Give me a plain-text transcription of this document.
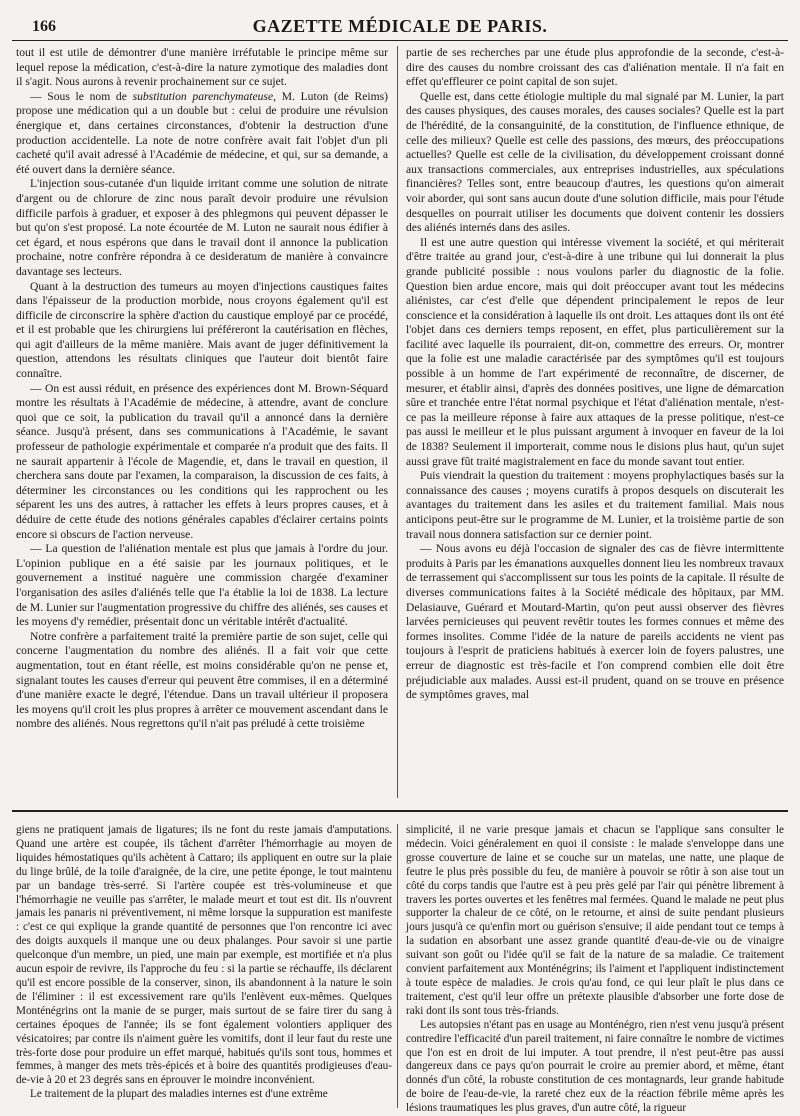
166	GAZETTE MÉDICALE DE PARIS.

tout il est utile de démontrer d'une manière irréfutable le principe même sur lequel repose la médication, c'est-à-dire la nature zymotique des maladies dont il s'agit. Nous aurons à revenir prochainement sur ce sujet.

— Sous le nom de substitution parenchymateuse, M. Luton (de Reims) propose une médication qui a un double but : celui de produire une révulsion énergique et, dans certaines circonstances, d'obtenir la destruction d'une production accidentelle. La note de notre confrère avait fait l'objet d'un pli cacheté qu'il avait adressé à l'Académie de médecine, et qui, sur sa demande, a été ouvert dans la dernière séance.

L'injection sous-cutanée d'un liquide irritant comme une solution de nitrate d'argent ou de chlorure de zinc nous paraît devoir produire une révulsion difficile parfois à graduer, et exposer à des phlegmons qui peuvent dépasser le but qu'on s'est proposé. La note écourtée de M. Luton ne saurait nous édifier à cet égard, et nous espérons que dans le travail dont il annonce la publication prochaine, notre confrère répondra à ce desideratum de manière à convaincre davantage ses lecteurs.

Quant à la destruction des tumeurs au moyen d'injections caustiques faites dans l'épaisseur de la production morbide, nous croyons également qu'il est difficile de circonscrire la sphère d'action du caustique employé par ce procédé, et il est probable que les chirurgiens lui préféreront la cautérisation en flèches, qui agit d'ailleurs de la même manière. Mais avant de juger définitivement la question, attendons les résultats cliniques que l'auteur doit bientôt faire connaître.

— On est aussi réduit, en présence des expériences dont M. Brown-Séquard montre les résultats à l'Académie de médecine, à attendre, avant de conclure quoi que ce soit, la publication du travail qu'il a annoncé dans la dernière séance. Jusqu'à présent, dans ses communications à l'Académie, le savant professeur de pathologie expérimentale et comparée n'a produit que des faits. Il ne saurait appartenir à l'école de Magendie, et, dans le travail en question, il cherchera sans doute par l'examen, la comparaison, la discussion de ces faits, à déterminer les circonstances ou les conditions qui les rapprochent ou les séparent les uns des autres, à rattacher les effets à leurs propres causes, et à déduire de cette étude des notions générales capables d'éclairer certains points encore si obscurs de l'action nerveuse.

— La question de l'aliénation mentale est plus que jamais à l'ordre du jour. L'opinion publique en a été saisie par les journaux politiques, et le gouvernement a institué naguère une commission chargée d'examiner l'organisation des asiles d'aliénés telle que l'a établie la loi de 1838. La lecture de M. Lunier sur l'augmentation progressive du chiffre des aliénés, ses causes et les moyens d'y remédier, présentait donc un véritable intérêt d'actualité.

Notre confrère a parfaitement traité la première partie de son sujet, celle qui concerne l'augmentation du nombre des aliénés. Il a fait voir que cette augmentation, tout en étant réelle, est moins considérable qu'on ne pense et, signalant toutes les causes d'erreur qui peuvent être commises, il en a déterminé d'une manière exacte le degré, l'étendue. Dans un travail ultérieur il proposera les moyens qu'il croit les plus propres à arrêter ce mouvement ascendant dans le nombre des aliénés. Nous regrettons qu'il n'ait pas préludé à cette troisième

partie de ses recherches par une étude plus approfondie de la seconde, c'est-à-dire des causes du nombre croissant des cas d'aliénation mentale. Il n'a fait en effet qu'effleurer ce point capital de son sujet.

Quelle est, dans cette étiologie multiple du mal signalé par M. Lunier, la part des causes physiques, des causes morales, des causes sociales? Quelle est la part de l'hérédité, de la consanguinité, de la constitution, de l'influence ethnique, de celle des milieux? Quelle est celle des passions, des mœurs, des préoccupations actuelles? Quelle est celle de la civilisation, du développement croissant donné aux transactions commerciales, aux entreprises industrielles, aux spéculations financières? Telles sont, entre beaucoup d'autres, les questions qu'on aimerait voir aborder, qui sont sans aucun doute d'une solution difficile, mais pour l'étude desquelles on pourrait utiliser les documents que doivent contenir les dossiers des aliénés internés dans des asiles.

Il est une autre question qui intéresse vivement la société, et qui mériterait d'être traitée au grand jour, c'est-à-dire à une tribune qui lui donnerait la plus grande publicité possible : nous voulons parler du diagnostic de la folie. Question bien ardue encore, mais qui doit préoccuper avant tout les médecins aliénistes, car c'est d'elle que dépendent principalement le repos de leur conscience et la considération à laquelle ils ont droit. Les attaques dont ils ont été l'objet dans ces derniers temps reposent, en effet, plus particulièrement sur la facilité avec laquelle ils pourraient, dit-on, commettre des erreurs. Or, montrer que la folie est une maladie caractérisée par des symptômes qu'il est toujours possible à un homme de l'art expérimenté de reconnaître, de discerner, de mesurer, et établir ainsi, d'après des données positives, une ligne de démarcation sûre et tranchée entre l'état normal psychique et l'état d'aliénation mentale, n'est-ce pas la meilleure réponse à faire aux attaques de la presse politique, n'est-ce pas aussi le meilleur et le plus puissant argument à invoquer en faveur de la loi de 1838? Seulement il importerait, comme nous le disions plus haut, qu'un sujet aussi grave fût traité magistralement en face du monde savant tout entier.

Puis viendrait la question du traitement : moyens prophylactiques basés sur la connaissance des causes ; moyens curatifs à propos desquels on discuterait les avantages du traitement dans les asiles et du traitement familial. Mais nous anticipons peut-être sur le programme de M. Lunier, et la troisième partie de son travail nous donnera satisfaction sur ce dernier point.

— Nous avons eu déjà l'occasion de signaler des cas de fièvre intermittente produits à Paris par les émanations auxquelles donnent lieu les nombreux travaux de terrassement qui s'accomplissent sur tous les points de la capitale. Il résulte de diverses communications faites à la Société médicale des hôpitaux, par MM. Delasiauve, Guérard et Moutard-Martin, qu'on peut aussi observer des fièvres larvées pernicieuses qui peuvent revêtir toutes les formes connues et même des formes insolites. Comme l'idée de la nature de pareils accidents ne vient pas toujours à l'esprit de praticiens habitués à exercer loin de foyers palustres, une erreur de diagnostic est très-facile et l'on comprend combien elle doit être préjudiciable aux malades. Aussi est-il prudent, quand on se trouve en présence de symptômes graves, mal

giens ne pratiquent jamais de ligatures; ils ne font du reste jamais d'amputations. Quand une artère est coupée, ils tâchent d'arrêter l'hémorrhagie au moyen de liquides hémostatiques qu'ils achètent à Cattaro; ils appliquent en outre sur la plaie du linge brûlé, de la toile d'araignée, de la cire, une petite éponge, le tout maintenu par un bandage très-serré. Si l'artère coupée est très-volumineuse et que l'hémorrhagie ne veuille pas s'arrêter, le malade meurt et tout est dit. Ils n'ouvrent jamais les panaris ni préventivement, ni même lorsque la suppuration est manifeste : c'est ce qui explique la grande quantité de personnes que l'on rencontre ici avec des doigts auxquels il manque une ou deux phalanges. Pour savoir si une partie quelconque d'un membre, un pied, une main par exemple, est mortifiée et n'a plus aucun espoir de revivre, ils l'approche du feu : si la partie se réchauffe, ils déclarent qu'il est encore possible de la conserver, sinon, ils abandonnent à la nature le soin de l'éliminer : il est excessivement rare qu'ils l'enlèvent eux-mêmes. Quelques Monténégrins ont la manie de se purger, mais surtout de se faire tirer du sang à certaines époques de l'année; ils se font également volontiers appliquer des vésicatoires; par contre ils n'aiment guère les vomitifs, dont il leur faut du reste une très-forte dose pour produire un effet marqué, habitués qu'ils sont tous, hommes et femmes, à manger des mets très-épicés et à boire des quantités prodigieuses d'eau-de-vie à 20 et 23 degrés sans en éprouver le moindre inconvénient.

Le traitement de la plupart des maladies internes est d'une extrême

simplicité, il ne varie presque jamais et chacun se l'applique sans consulter le médecin. Voici généralement en quoi il consiste : le malade s'enveloppe dans une grosse couverture de laine et se couche sur un matelas, une natte, une plaque de feutre le plus près possible du feu, de manière à pouvoir se rôtir à son aise tout un côté du corps tandis que l'autre est à peu près gelé par l'air qui pénètre librement à travers les portes ouvertes et les fenêtres mal fermées. Quand le malade ne peut plus supporter la chaleur de ce côté, on le retourne, et ainsi de suite pendant plusieurs jours jusqu'à ce qu'enfin mort ou guérison s'ensuive; il aide pendant tout ce temps à la sudation en absorbant une assez grande quantité d'eau-de-vie ou de vinaigre suivant son goût ou l'idée qu'il se fait de la nature de sa maladie. Ce traitement convient parfaitement aux Monténégrins; ils l'aiment et l'appliquent indistinctement à toute espèce de maladies. Je crois qu'au fond, ce qui leur plaît le plus dans ce traitement, c'est qu'il leur offre un prétexte plausible d'absorber une forte dose de raki dont ils sont tous très-friands.

Les autopsies n'étant pas en usage au Monténégro, rien n'est venu jusqu'à présent contredire l'efficacité d'un pareil traitement, ni faire connaître le nombre de victimes que l'on est en droit de lui imputer. A tout prendre, il n'est peut-être pas aussi dangereux dans ce pays qu'on pourrait le croire au premier abord, et même, étant donnés d'un côté, la robuste constitution de ces montagnards, leur grande habitude de boire de l'eau-de-vie, la rareté chez eux de la réaction fébrile même après les lésions traumatiques les plus graves, d'un autre côté, la rigueur
